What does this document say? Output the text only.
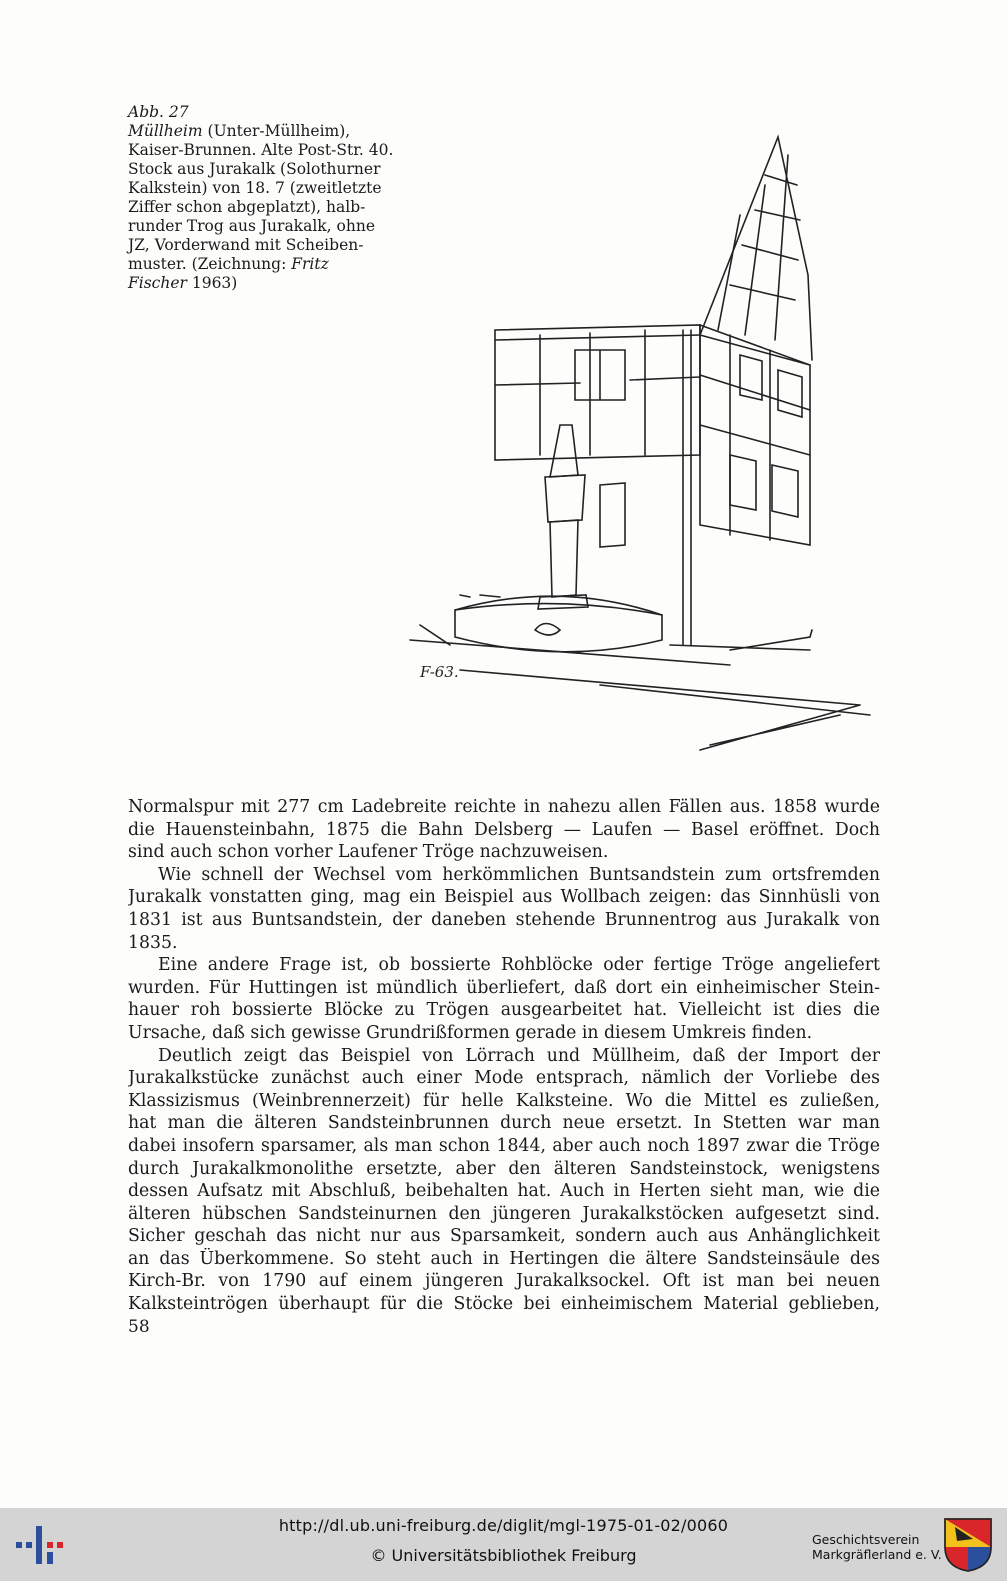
Abb. 27
Müllheim (Unter-Müllheim),
Kaiser-Brunnen. Alte Post-Str. 40.
Stock aus Jurakalk (Solothurner
Kalkstein) von 18. 7 (zweitletzte
Ziffer schon abgeplatzt), halb-
runder Trog aus Jurakalk, ohne
JZ, Vorderwand mit Scheiben-
muster. (Zeichnung: Fritz
Fischer 1963)
F-63.
Normalspur mit 277 cm Ladebreite reichte in nahezu allen Fällen aus. 1858 wurde
die Hauensteinbahn, 1875 die Bahn Delsberg — Laufen — Basel eröffnet. Doch
sind auch schon vorher Laufener Tröge nachzuweisen.
Wie schnell der Wechsel vom herkömmlichen Buntsandstein zum ortsfremden
Jurakalk vonstatten ging, mag ein Beispiel aus Wollbach zeigen: das Sinnhüsli von
1831 ist aus Buntsandstein, der daneben stehende Brunnentrog aus Jurakalk von
1835.
Eine andere Frage ist, ob bossierte Rohblöcke oder fertige Tröge angeliefert
wurden. Für Huttingen ist mündlich überliefert, daß dort ein einheimischer Stein-
hauer roh bossierte Blöcke zu Trögen ausgearbeitet hat. Vielleicht ist dies die
Ursache, daß sich gewisse Grundrißformen gerade in diesem Umkreis finden.
Deutlich zeigt das Beispiel von Lörrach und Müllheim, daß der Import der
Jurakalkstücke zunächst auch einer Mode entsprach, nämlich der Vorliebe des
Klassizismus (Weinbrennerzeit) für helle Kalksteine. Wo die Mittel es zuließen,
hat man die älteren Sandsteinbrunnen durch neue ersetzt. In Stetten war man
dabei insofern sparsamer, als man schon 1844, aber auch noch 1897 zwar die Tröge
durch Jurakalkmonolithe ersetzte, aber den älteren Sandsteinstock, wenigstens
dessen Aufsatz mit Abschluß, beibehalten hat. Auch in Herten sieht man, wie die
älteren hübschen Sandsteinurnen den jüngeren Jurakalkstöcken aufgesetzt sind.
Sicher geschah das nicht nur aus Sparsamkeit, sondern auch aus Anhänglichkeit
an das Überkommene. So steht auch in Hertingen die ältere Sandsteinsäule des
Kirch-Br. von 1790 auf einem jüngeren Jurakalksockel. Oft ist man bei neuen
Kalksteintrögen überhaupt für die Stöcke bei einheimischem Material geblieben,
58
http://dl.ub.uni-freiburg.de/diglit/mgl-1975-01-02/0060
© Universitätsbibliothek Freiburg
Geschichtsverein
Markgräflerland e. V.
